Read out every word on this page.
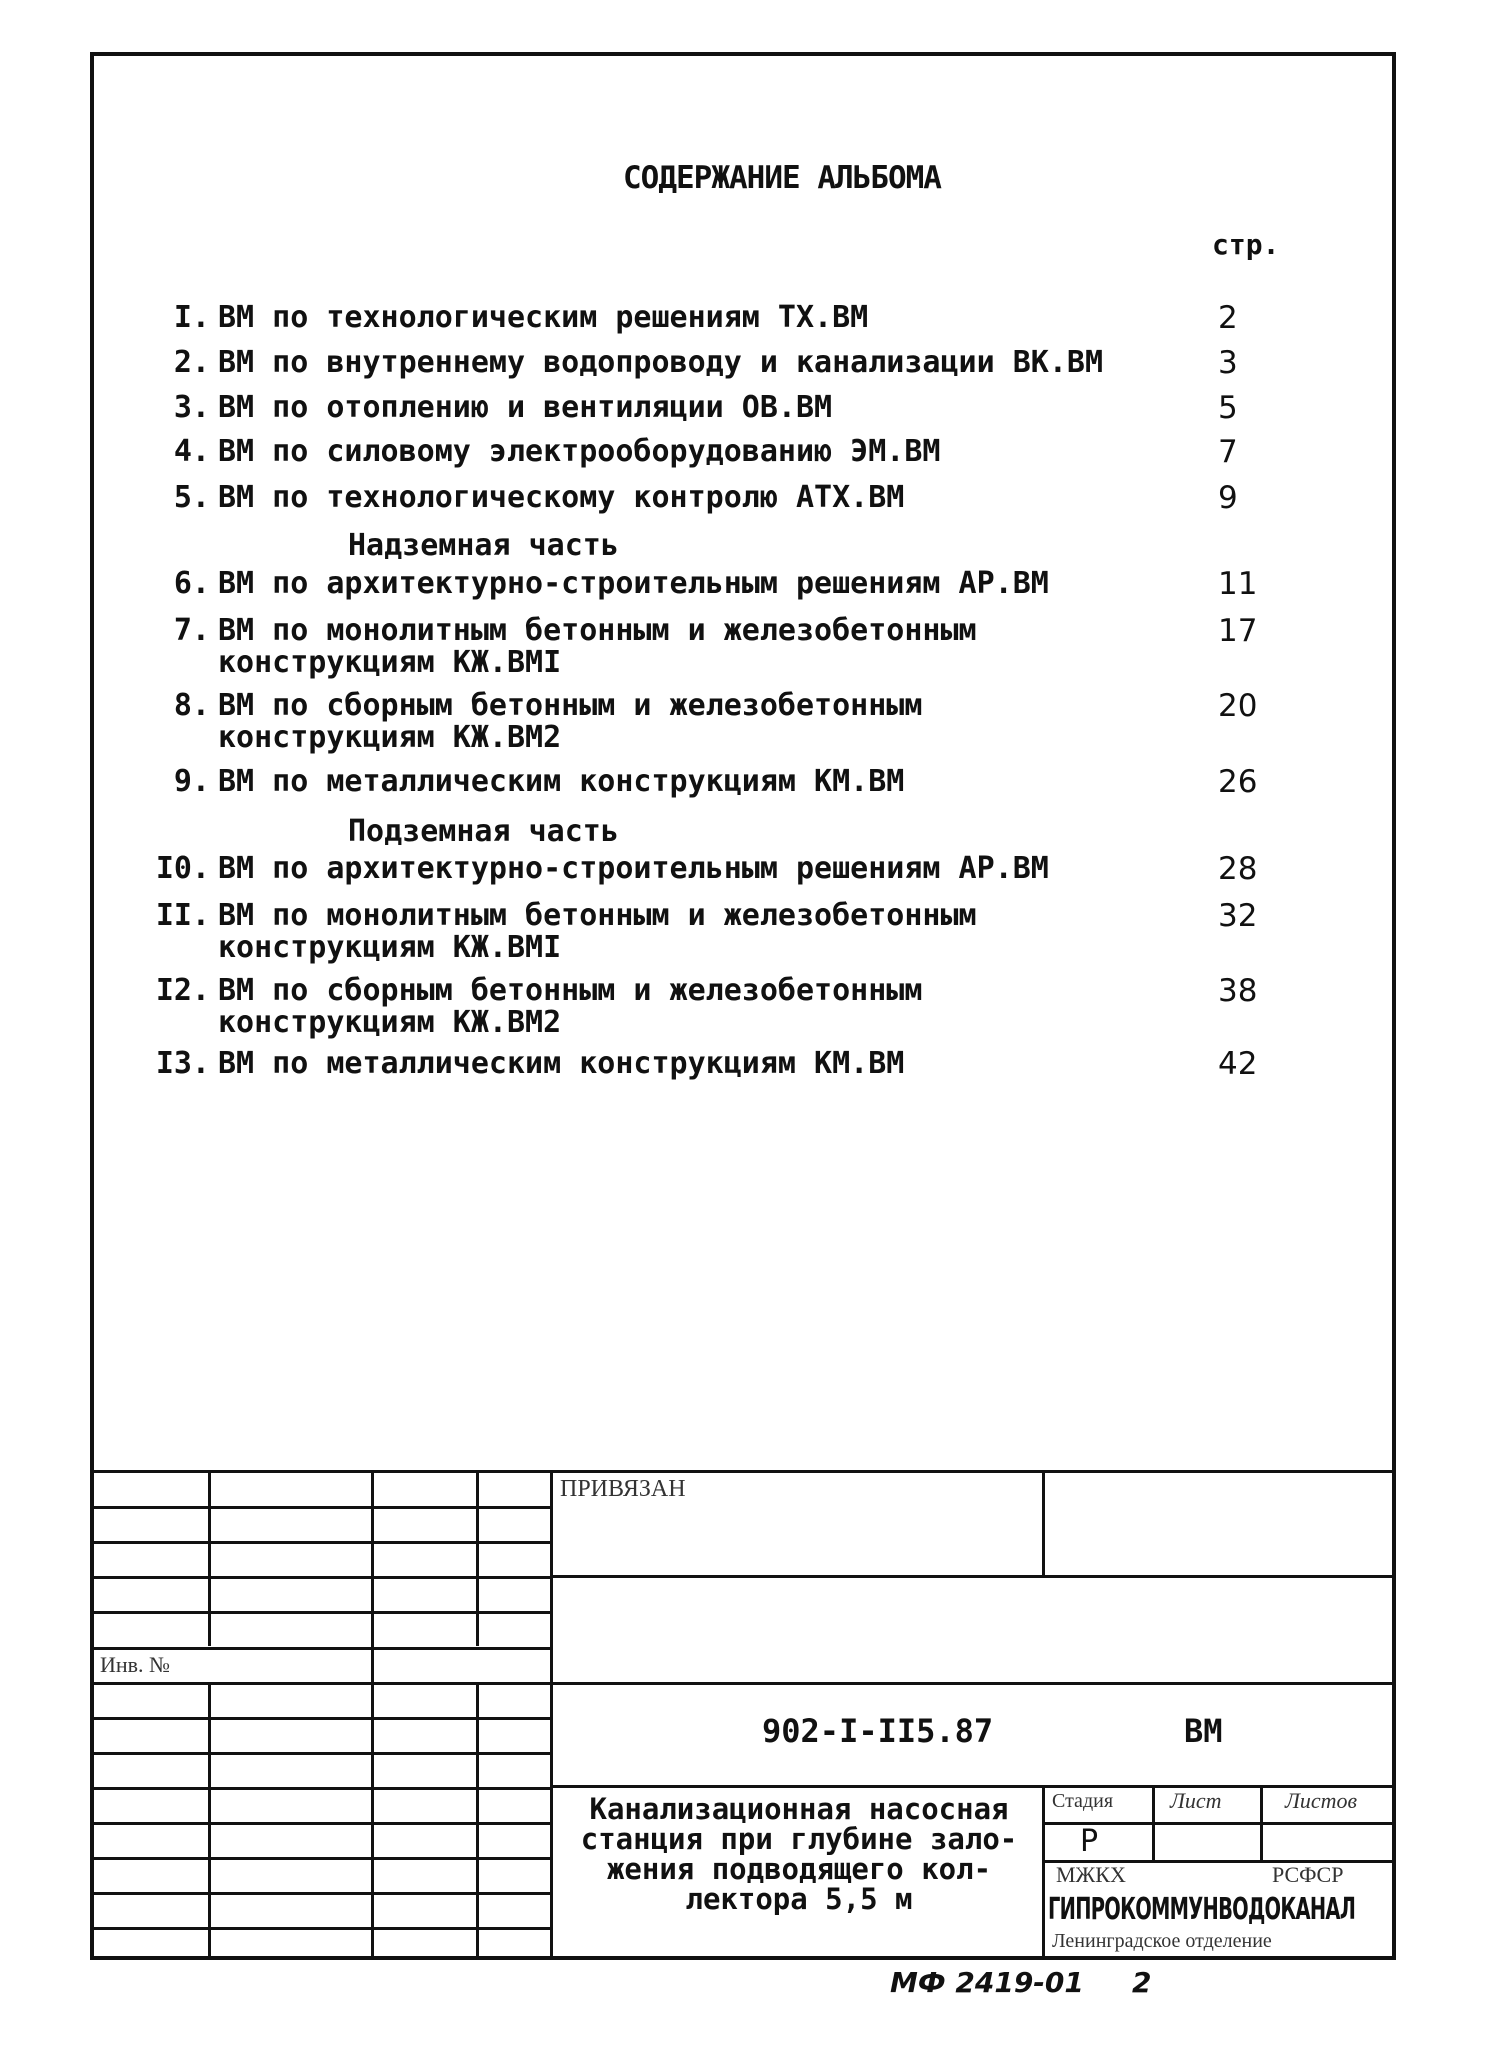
СОДЕРЖАНИЕ АЛЬБОМА
стр.
I. ВМ по технологическим решениям ТХ.ВМ	2
2. ВМ по внутреннему водопроводу и канализации ВК.ВМ	3
3. ВМ по отоплению и вентиляции ОВ.ВМ	5
4. ВМ по силовому электрооборудованию ЭМ.ВМ	7
5. ВМ по технологическому контролю АТХ.ВМ	9
6. ВМ по архитектурно-строительным решениям АР.ВМ	11
7. ВМ по монолитным бетонным и железобетонным
конструкциям КЖ.ВМI
17
8. ВМ по сборным бетонным и железобетонным
конструкциям КЖ.ВМ2
20
9. ВМ по металлическим конструкциям КМ.ВМ	26
I0. ВМ по архитектурно-строительным решениям АР.ВМ	28
II. ВМ по монолитным бетонным и железобетонным
конструкциям КЖ.ВМI
32
I2. ВМ по сборным бетонным и железобетонным
конструкциям КЖ.ВМ2
38
I3. ВМ по металлическим конструкциям КМ.ВМ	42
Надземная часть
Подземная часть
ПРИВЯЗАН
Инв. №
902-I-II5.87	ВМ
Канализационная насосная
станция при глубине зало-
жения подводящего кол-
лектора 5,5 м
Стадия	Лист	Листов
Р
МЖКХ	РСФСР
ГИПРОКОММУНВОДОКАНАЛ
Ленинградское отделение
МФ 2419-01 2
